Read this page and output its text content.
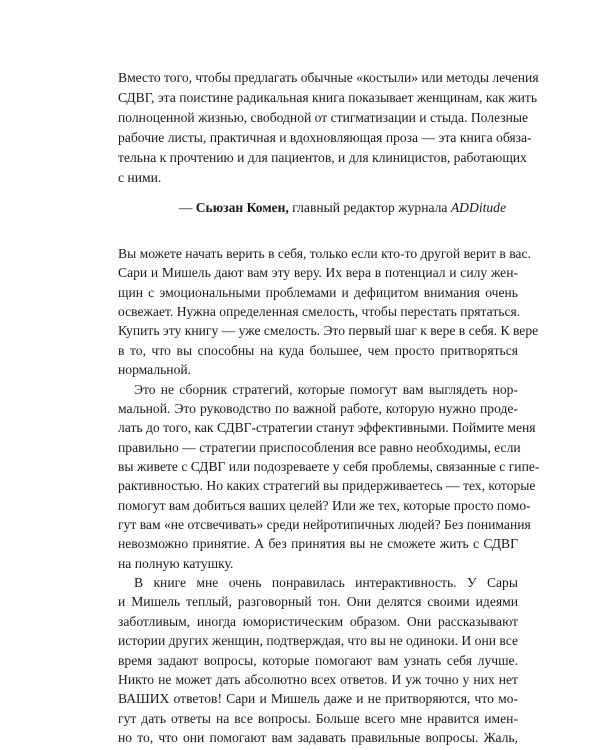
Вместо того, чтобы предлагать обычные «костыли» или методы лечения
СДВГ, эта поистине радикальная книга показывает женщинам, как жить
полноценной жизнью, свободной от стигматизации и стыда. Полезные
рабочие листы, практичная и вдохновляющая проза — эта книга обяза-
тельна к прочтению и для пациентов, и для клиницистов, работающих
с ними.
— Сьюзан Комен, главный редактор журнала ADDitude
Вы можете начать верить в себя, только если кто-то другой верит в вас.
Сари и Мишель дают вам эту веру. Их вера в потенциал и силу жен-
щин с эмоциональными проблемами и дефицитом внимания очень
освежает. Нужна определенная смелость, чтобы перестать прятаться.
Купить эту книгу — уже смелость. Это первый шаг к вере в себя. К вере
в то, что вы способны на куда большее, чем просто притворяться
нормальной.
Это не сборник стратегий, которые помогут вам выглядеть нор-
мальной. Это руководство по важной работе, которую нужно проде-
лать до того, как СДВГ-стратегии станут эффективными. Поймите меня
правильно — стратегии приспособления все равно необходимы, если
вы живете с СДВГ или подозреваете у себя проблемы, связанные с гипе-
рактивностью. Но каких стратегий вы придерживаетесь — тех, которые
помогут вам добиться ваших целей? Или же тех, которые просто помо-
гут вам «не отсвечивать» среди нейротипичных людей? Без понимания
невозможно принятие. А без принятия вы не сможете жить с СДВГ
на полную катушку.
В книге мне очень понравилась интерактивность. У Сары
и Мишель теплый, разговорный тон. Они делятся своими идеями
заботливым, иногда юмористическим образом. Они рассказывают
истории других женщин, подтверждая, что вы не одиноки. И они все
время задают вопросы, которые помогают вам узнать себя лучше.
Никто не может дать абсолютно всех ответов. И уж точно у них нет
ВАШИХ ответов! Сари и Мишель даже и не притворяются, что мо-
гут дать ответы на все вопросы. Больше всего мне нравится имен-
но то, что они помогают вам задавать правильные вопросы. Жаль,
